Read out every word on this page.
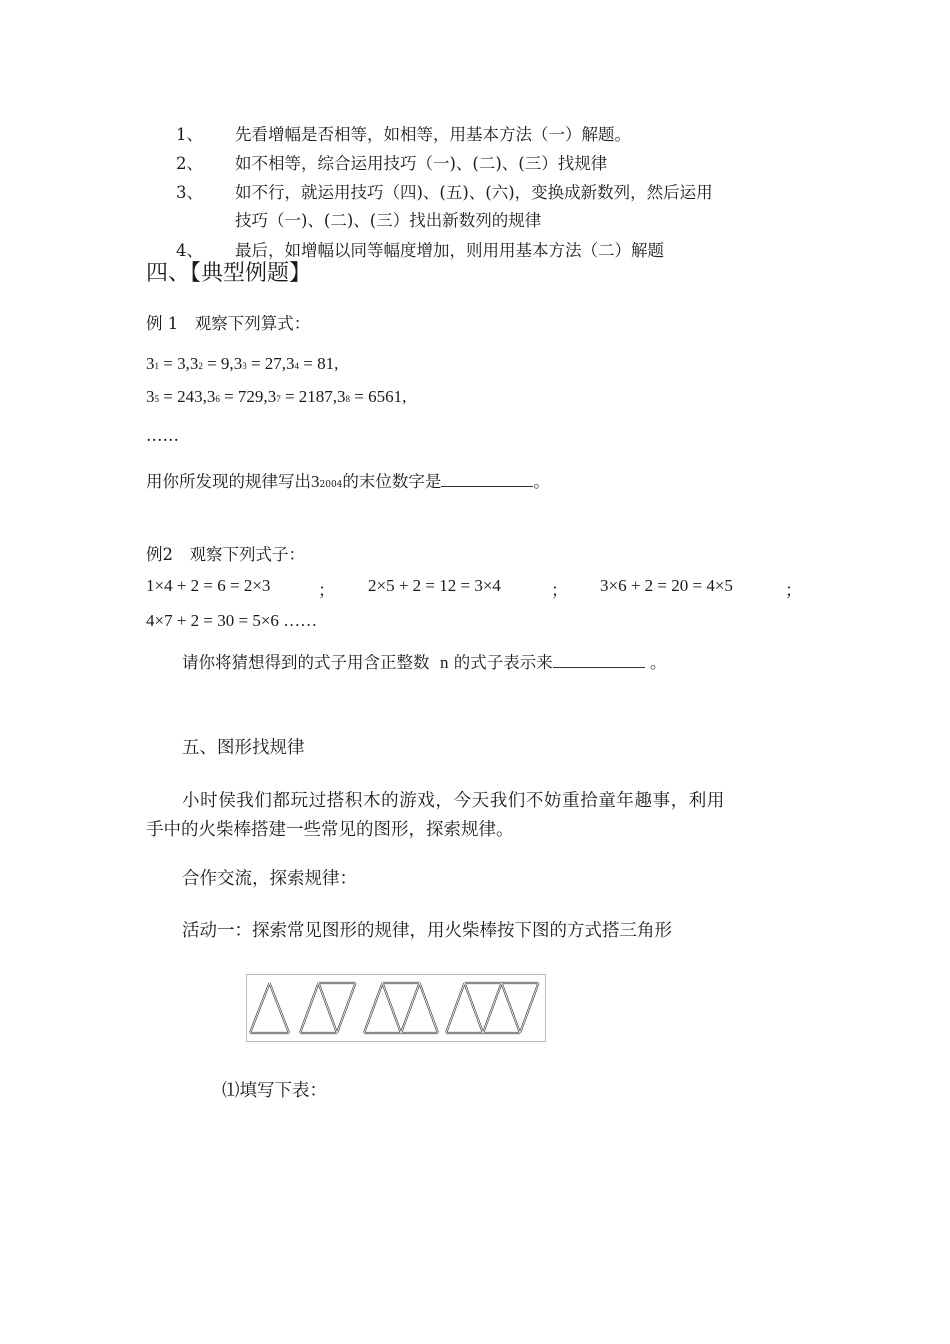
1、 先看增幅是否相等，如相等，用基本方法（一）解题。
2、 如不相等，综合运用技巧（一)、(二)、(三）找规律
3、 如不行，就运用技巧（四)、(五)、(六)，变换成新数列，然后运用
技巧（一)、(二)、(三）找出新数列的规律
4、 最后，如增幅以同等幅度增加，则用用基本方法（二）解题
四、【典型例题】
例 1　观察下列算式：
31 = 3,32 = 9,33 = 27,34 = 81,
35 = 243,36 = 729,37 = 2187,38 = 6561,
……
用你所发现的规律写出32004的末位数字是	。
例2　观察下列式子：
1×4 + 2 = 6 = 2×3	； 2×5 + 2 = 12 = 3×4	； 3×6 + 2 = 20 = 4×5	；
4×7 + 2 = 30 = 5×6 ……
请你将猜想得到的式子用含正整数 n 的式子表示来	。
五、图形找规律
小时侯我们都玩过搭积木的游戏，今天我们不妨重拾童年趣事，利用
手中的火柴棒搭建一些常见的图形，探索规律。
合作交流，探索规律：
活动一：探索常见图形的规律，用火柴棒按下图的方式搭三角形
⑴填写下表：
